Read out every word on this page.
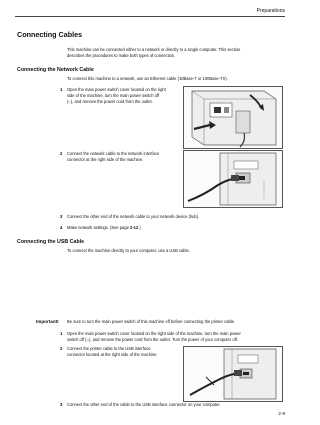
Preparations
Connecting Cables
This machine can be connected either to a network or directly to a single computer. This section
describes the procedures to make both types of connection.
Connecting the Network Cable
To connect this machine to a network, use an Ethernet cable (10Base-T or 100Base-TX).
1 Open the main power switch cover located on the right
side of the machine, turn the main power switch off
(○), and remove the power cord from the outlet.
2 Connect the network cable to the network interface
connector at the right side of the machine.
3 Connect the other end of the network cable to your network device (hub).
4 Make network settings. (See page 2-12.)
Connecting the USB Cable
To connect the machine directly to your computer, use a USB cable.
Important! Be sure to turn the main power switch of this machine off before connecting the printer cable.
1 Open the main power switch cover located on the right side of the machine, turn the main power
switch off (○), and remove the power cord from the outlet. Turn the power of your computer off.
2 Connect the printer cable to the USB interface
connector located at the right side of the machine.
3 Connect the other end of the cable to the USB interface connector on your computer.
2-9
